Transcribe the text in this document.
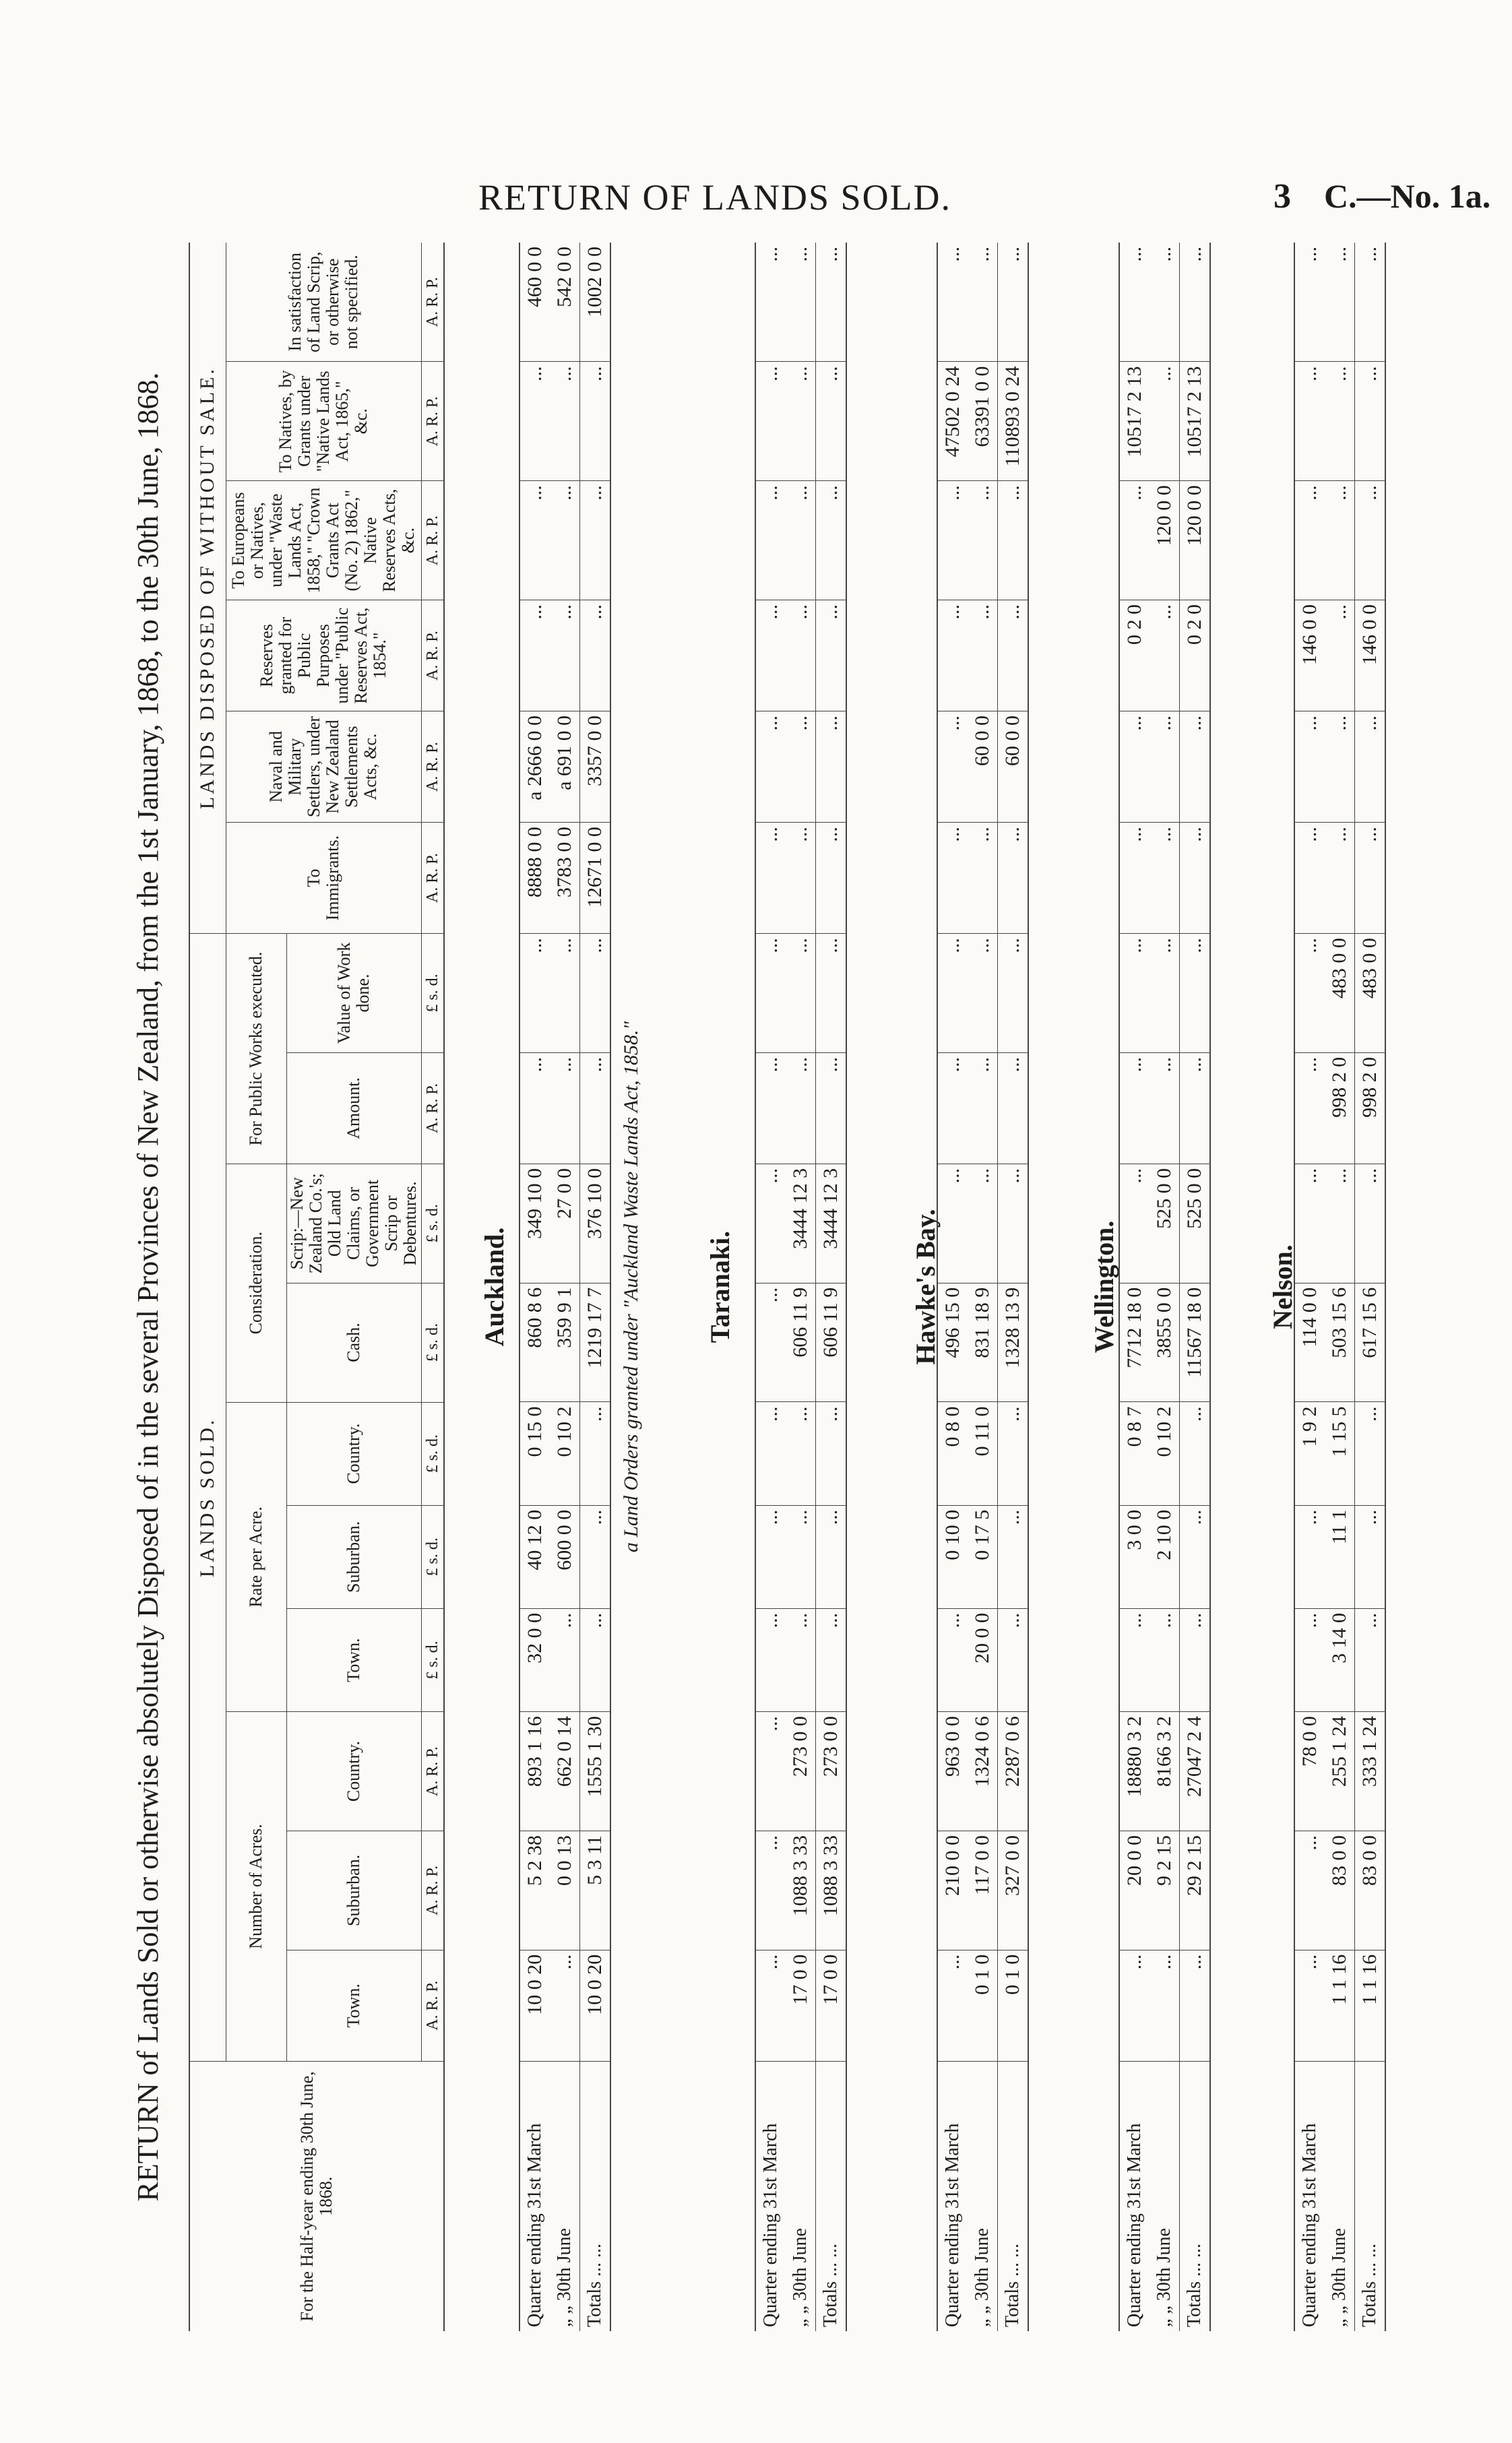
RETURN OF LANDS SOLD.	3 C.—No. 1a.
RETURN of Lands Sold or otherwise absolutely Disposed of in the several Provinces of New Zealand, from the 1st January, 1868, to the 30th June, 1868.	For the Half-year ending 30th June, 1868.	LANDS SOLD.										LANDS DISPOSED OF WITHOUT SALE.					
	Number of Acres.			Rate per Acre.			Consideration.		For Public Works executed.		To Immigrants.	Naval and Military Settlers, under New Zealand Settlements Acts, &c.	Reserves granted for Public Purposes under "Public Reserves Act, 1854."	To Europeans or Natives, under "Waste Lands Act, 1858," "Crown Grants Act (No. 2) 1862," Native Reserves Acts, &c.	To Natives, by Grants under "Native Lands Act, 1865," &c.	In satisfaction of Land Scrip, or otherwise not specified.
	Town.	Suburban.	Country.	Town.	Suburban.	Country.	Cash.	Scrip:—New Zealand Co.'s; Old Land Claims, or Government Scrip or Debentures.	Amount.	Value of Work done.						
	A. R. P.	A. R. P.	A. R. P.	£ s. d.	£ s. d.	£ s. d.	£ s. d.	£ s. d.	A. R. P.	£ s. d.	A. R. P.	A. R. P.	A. R. P.	A. R. P.	A. R. P.	A. R. P.
Auckland.
Quarter ending 31st March	10 0 20	5 2 38	893 1 16	32 0 0	40 12 0	0 15 0	860 8 6	349 10 0	...	...	8888 0 0	a 2666 0 0	...	...	...	460 0 0
„ „ 30th June	...	0 0 13	662 0 14	...	600 0 0	0 10 2	359 9 1	27 0 0	...	...	3783 0 0	a 691 0 0	...	...	...	542 0 0
Totals ... ...	10 0 20	5 3 11	1555 1 30	...	...	...	1219 17 7	376 10 0	...	...	12671 0 0	3357 0 0	...	...	...	1002 0 0
a Land Orders granted under "Auckland Waste Lands Act, 1858." Taranaki.
Quarter ending 31st March	...	...	...	...	...	...	...	...	...	...	...	...	...	...	...	...
„ „ 30th June	17 0 0	1088 3 33	273 0 0	...	...	...	606 11 9	3444 12 3	...	...	...	...	...	...	...	...
Totals ... ...	17 0 0	1088 3 33	273 0 0	...	...	...	606 11 9	3444 12 3	...	...	...	...	...	...	...	...
Hawke's Bay.
Quarter ending 31st March	...	210 0 0	963 0 0	...	0 10 0	0 8 0	496 15 0	...	...	...	...	...	...	...	47502 0 24	...
„ „ 30th June	0 1 0	117 0 0	1324 0 6	20 0 0	0 17 5	0 11 0	831 18 9	...	...	...	...	60 0 0	...	...	63391 0 0	...
Totals ... ...	0 1 0	327 0 0	2287 0 6	...	...	...	1328 13 9	...	...	...	...	60 0 0	...	...	110893 0 24	...
Wellington.
Quarter ending 31st March	...	20 0 0	18880 3 2	...	3 0 0	0 8 7	7712 18 0	...	...	...	...	...	0 2 0	...	10517 2 13	...
„ „ 30th June	...	9 2 15	8166 3 2	...	2 10 0	0 10 2	3855 0 0	525 0 0	...	...	...	...	...	120 0 0	...	...
Totals ... ...	...	29 2 15	27047 2 4	...	...	...	11567 18 0	525 0 0	...	...	...	...	0 2 0	120 0 0	10517 2 13	...
Nelson.
Quarter ending 31st March	...	...	78 0 0	...	...	1 9 2	114 0 0	...	...	...	...	...	146 0 0	...	...	...
„ „ 30th June	1 1 16	83 0 0	255 1 24	3 14 0	11 1	1 15 5	503 15 6	...	998 2 0	483 0 0	...	...	...	...	...	...
Totals ... ...	1 1 16	83 0 0	333 1 24	...	...	...	617 15 6	...	998 2 0	483 0 0	...	...	146 0 0	...	...	...
